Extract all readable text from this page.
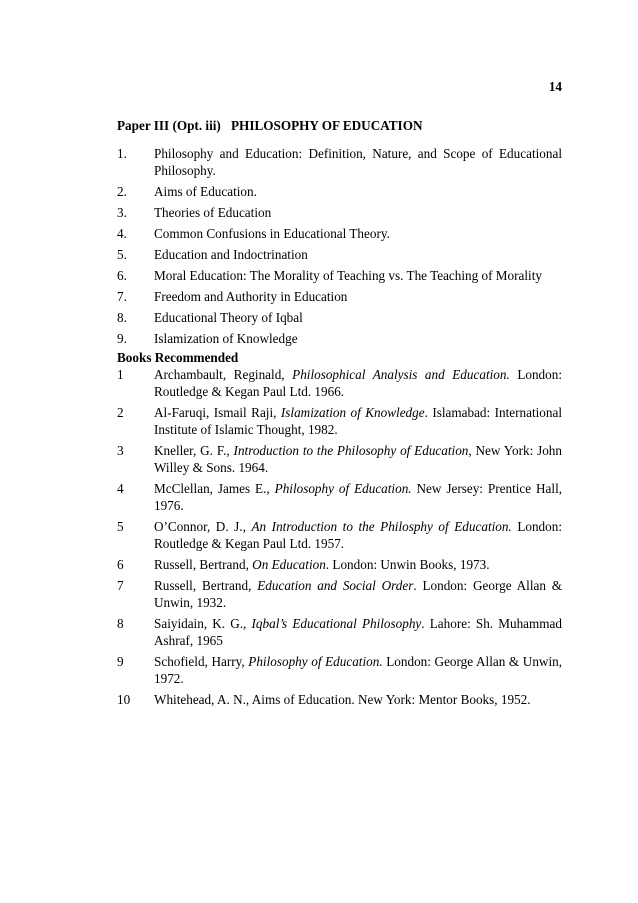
14
Paper III (Opt. iii) PHILOSOPHY OF EDUCATION
1.	Philosophy and Education: Definition, Nature, and Scope of Educational Philosophy.
2.	Aims of Education.
3.	Theories of Education
4.	Common Confusions in Educational Theory.
5.	Education and Indoctrination
6.	Moral Education: The Morality of Teaching vs. The Teaching of Morality
7.	Freedom and Authority in Education
8.	Educational Theory of Iqbal
9.	Islamization of Knowledge
Books Recommended
1	Archambault, Reginald, Philosophical Analysis and Education. London:
Routledge & Kegan Paul Ltd. 1966.
2	Al-Faruqi, Ismail Raji, Islamization of Knowledge. Islamabad: International
Institute of Islamic Thought, 1982.
3	Kneller, G. F., Introduction to the Philosophy of Education, New York: John
Willey & Sons. 1964.
4	McClellan, James E., Philosophy of Education. New Jersey: Prentice Hall,
1976.
5	O’Connor, D. J., An Introduction to the Philosphy of Education. London:
Routledge & Kegan Paul Ltd. 1957.
6	Russell, Bertrand, On Education. London: Unwin Books, 1973.
7	Russell, Bertrand, Education and Social Order. London: George Allan &
Unwin, 1932.
8	Saiyidain, K. G., Iqbal’s Educational Philosophy. Lahore: Sh. Muhammad
Ashraf, 1965
9	Schofield, Harry, Philosophy of Education. London: George Allan & Unwin,
1972.
10	Whitehead, A. N., Aims of Education. New York: Mentor Books, 1952.
